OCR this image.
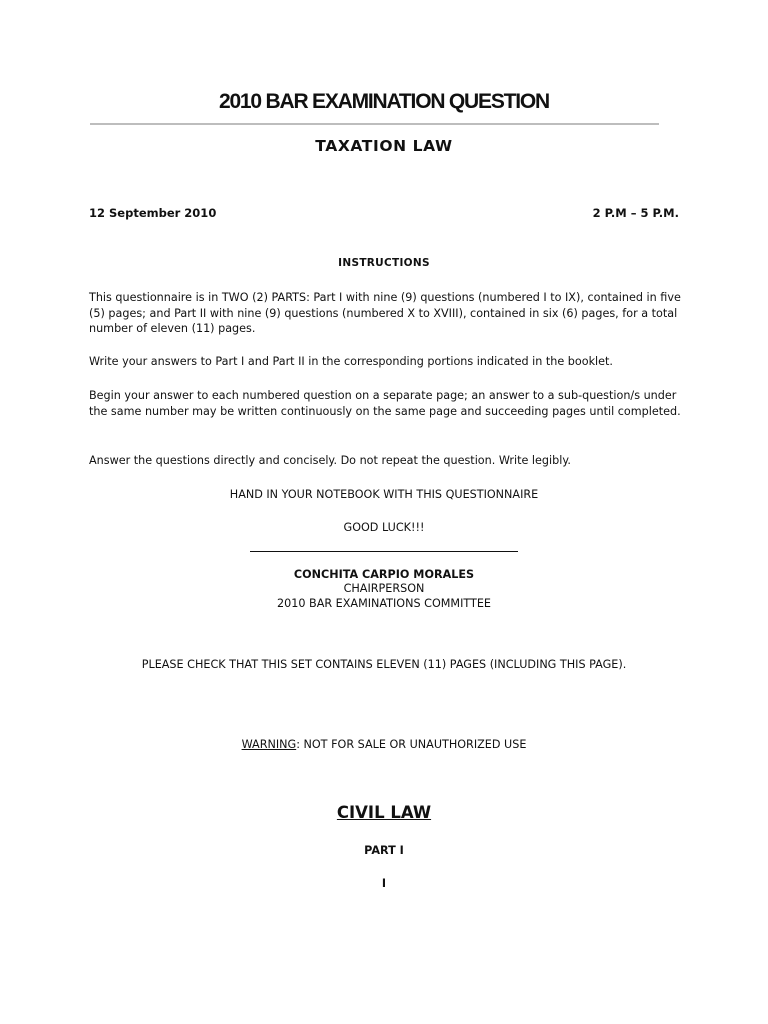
2010 BAR EXAMINATION QUESTION
TAXATION LAW
12 September 2010	2 P.M – 5 P.M.
INSTRUCTIONS

This questionnaire is in TWO (2) PARTS: Part I with nine (9) questions (numbered I to IX), contained in five (5) pages; and Part II with nine (9) questions (numbered X to XVIII), contained in six (6) pages, for a total number of eleven (11) pages.

Write your answers to Part I and Part II in the corresponding portions indicated in the booklet.

Begin your answer to each numbered question on a separate page; an answer to a sub-question/s under the same number may be written continuously on the same page and succeeding pages until completed.

Answer the questions directly and concisely. Do not repeat the question. Write legibly.

HAND IN YOUR NOTEBOOK WITH THIS QUESTIONNAIRE
GOOD LUCK!!!
CONCHITA CARPIO MORALES
CHAIRPERSON
2010 BAR EXAMINATIONS COMMITTEE
PLEASE CHECK THAT THIS SET CONTAINS ELEVEN (11) PAGES (INCLUDING THIS PAGE).
WARNING: NOT FOR SALE OR UNAUTHORIZED USE
CIVIL LAW
PART I
I
